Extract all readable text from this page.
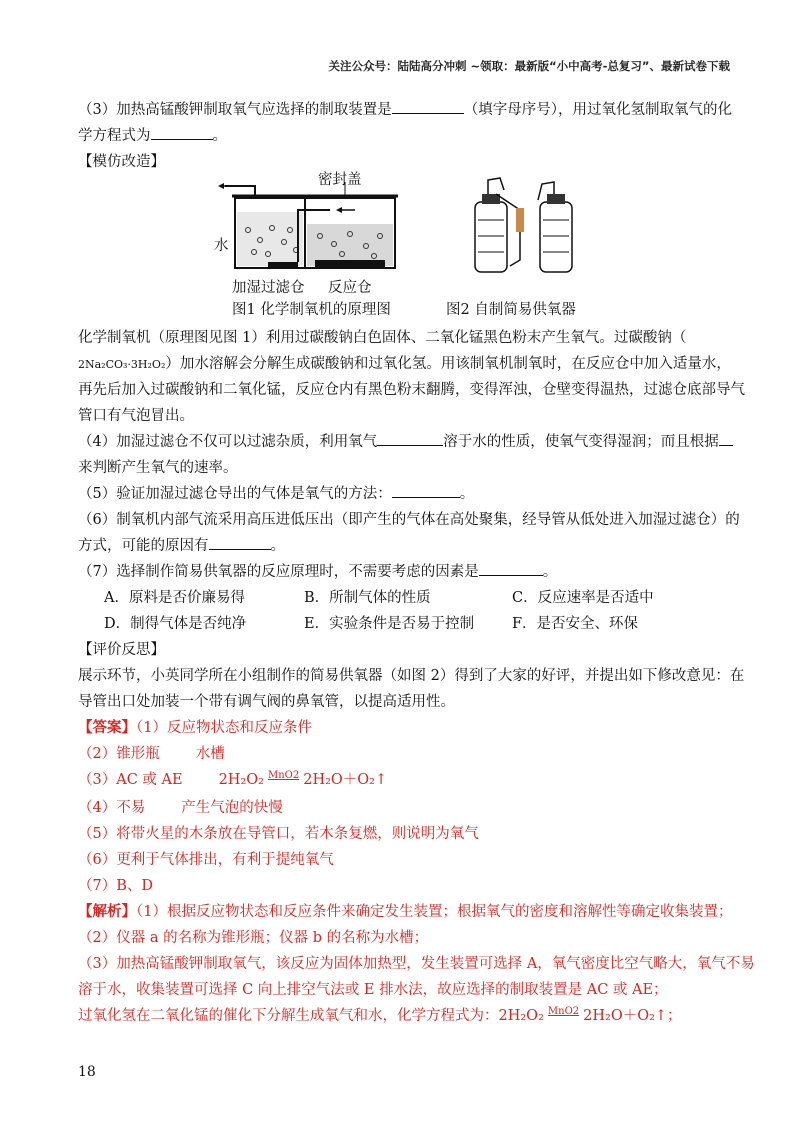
关注公众号：陆陆高分冲刺 ~领取：最新版“小中高考-总复习”、最新试卷下载
（3）加热高锰酸钾制取氧气应选择的制取装置是	（填字母序号），用过氧化氢制取氧气的化
学方程式为	。
【模仿改造】
密封盖
水
加湿过滤仓 反应仓
图1 化学制氧机的原理图	图2 自制简易供氧器
化学制氧机（原理图见图 1）利用过碳酸钠白色固体、二氧化锰黑色粉末产生氧气。过碳酸钠（
2Na₂CO₃·3H₂O₂）加水溶解会分解生成碳酸钠和过氧化氢。用该制氧机制氧时，在反应仓中加入适量水，
再先后加入过碳酸钠和二氧化锰，反应仓内有黑色粉末翻腾，变得浑浊，仓壁变得温热，过滤仓底部导气
管口有气泡冒出。
（4）加湿过滤仓不仅可以过滤杂质，利用氧气	溶于水的性质，使氧气变得湿润；而且根据
来判断产生氧气的速率。
（5）验证加湿过滤仓导出的气体是氧气的方法：	。
（6）制氧机内部气流采用高压进低压出（即产生的气体在高处聚集，经导管从低处进入加湿过滤仓）的
方式，可能的原因有	。
（7）选择制作简易供氧器的反应原理时，不需要考虑的因素是	。
A．原料是否价廉易得	B．所制气体的性质	C．反应速率是否适中
D．制得气体是否纯净	E．实验条件是否易于控制	F．是否安全、环保
【评价反思】
展示环节，小英同学所在小组制作的简易供氧器（如图 2）得到了大家的好评，并提出如下修改意见：在
导管出口处加装一个带有调气阀的鼻氧管，以提高适用性。
【答案】（1）反应物状态和反应条件
（2）锥形瓶 水槽
（3）AC 或 AE 2H₂O₂ $^{MnO2}$ 2H₂O＋O₂↑
（4）不易 产生气泡的快慢
（5）将带火星的木条放在导管口，若木条复燃，则说明为氧气
（6）更利于气体排出，有利于提纯氧气
（7）B、D
【解析】（1）根据反应物状态和反应条件来确定发生装置；根据氧气的密度和溶解性等确定收集装置；
（2）仪器 a 的名称为锥形瓶；仪器 b 的名称为水槽；
（3）加热高锰酸钾制取氧气，该反应为固体加热型，发生装置可选择 A，氧气密度比空气略大，氧气不易
溶于水，收集装置可选择 C 向上排空气法或 E 排水法，故应选择的制取装置是 AC 或 AE；
过氧化氢在二氧化锰的催化下分解生成氧气和水，化学方程式为：2H₂O₂ $^{MnO2}$ 2H₂O＋O₂↑；
18
